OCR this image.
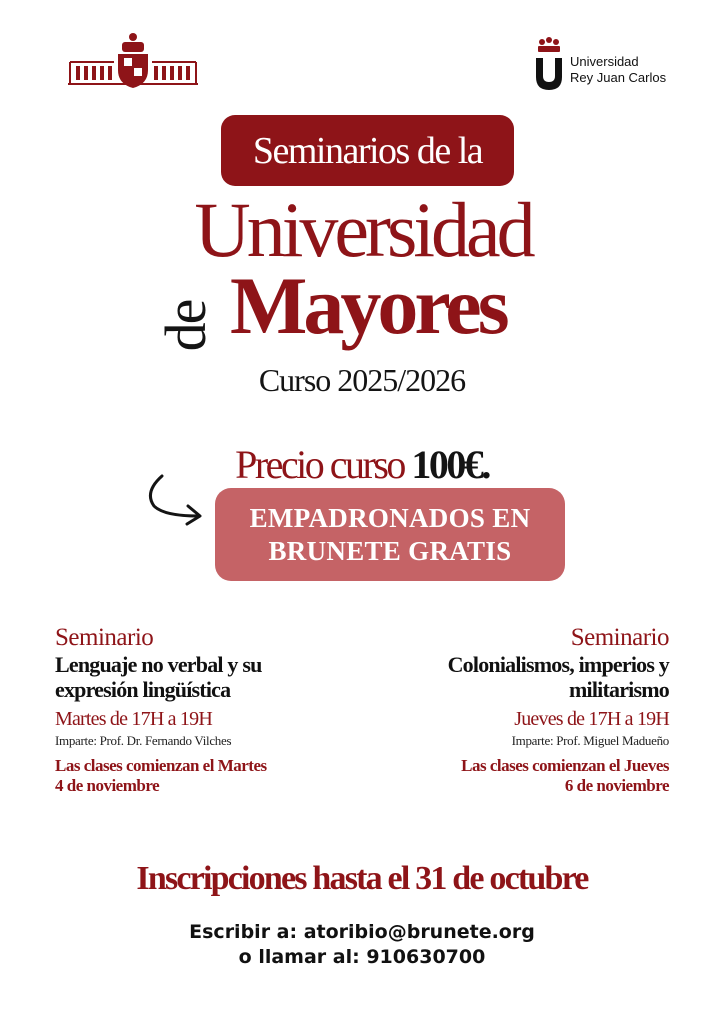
Universidad
Rey Juan Carlos
Seminarios de la
Universidad
de Mayores
Curso 2025/2026
Precio curso 100€.
EMPADRONADOS EN
BRUNETE GRATIS
Seminario
Lenguaje no verbal y su
expresión lingüística
Martes de 17H a 19H
Imparte: Prof. Dr. Fernando Vilches
Las clases comienzan el Martes
4 de noviembre
Seminario
Colonialismos, imperios y
militarismo
Jueves de 17H a 19H
Imparte: Prof. Miguel Madueño
Las clases comienzan el Jueves
6 de noviembre
Inscripciones hasta el 31 de octubre
Escribir a: atoribio@brunete.org
o llamar al: 910630700
